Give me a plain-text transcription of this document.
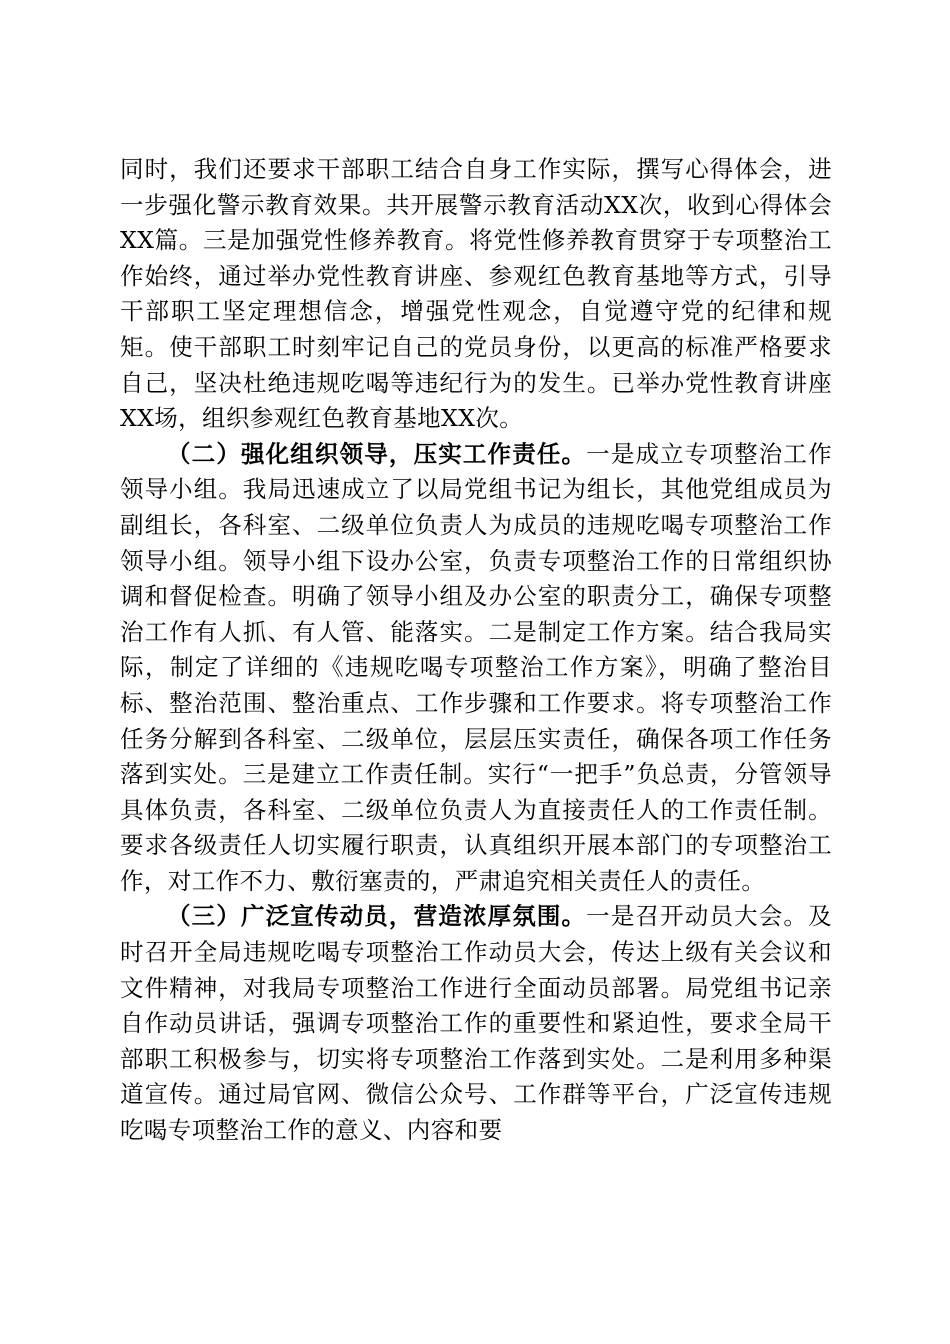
同时，我们还要求干部职工结合自身工作实际，撰写心得体会，进一步强化警示教育效果。共开展警示教育活动XX次，收到心得体会XX篇。三是加强党性修养教育。将党性修养教育贯穿于专项整治工作始终，通过举办党性教育讲座、参观红色教育基地等方式，引导干部职工坚定理想信念，增强党性观念，自觉遵守党的纪律和规矩。使干部职工时刻牢记自己的党员身份，以更高的标准严格要求自己，坚决杜绝违规吃喝等违纪行为的发生。已举办党性教育讲座XX场，组织参观红色教育基地XX次。

（二）强化组织领导，压实工作责任。一是成立专项整治工作领导小组。我局迅速成立了以局党组书记为组长，其他党组成员为副组长，各科室、二级单位负责人为成员的违规吃喝专项整治工作领导小组。领导小组下设办公室，负责专项整治工作的日常组织协调和督促检查。明确了领导小组及办公室的职责分工，确保专项整治工作有人抓、有人管、能落实。二是制定工作方案。结合我局实际，制定了详细的《违规吃喝专项整治工作方案》，明确了整治目标、整治范围、整治重点、工作步骤和工作要求。将专项整治工作任务分解到各科室、二级单位，层层压实责任，确保各项工作任务落到实处。三是建立工作责任制。实行“一把手”负总责，分管领导具体负责，各科室、二级单位负责人为直接责任人的工作责任制。要求各级责任人切实履行职责，认真组织开展本部门的专项整治工作，对工作不力、敷衍塞责的，严肃追究相关责任人的责任。

（三）广泛宣传动员，营造浓厚氛围。一是召开动员大会。及时召开全局违规吃喝专项整治工作动员大会，传达上级有关会议和文件精神，对我局专项整治工作进行全面动员部署。局党组书记亲自作动员讲话，强调专项整治工作的重要性和紧迫性，要求全局干部职工积极参与，切实将专项整治工作落到实处。二是利用多种渠道宣传。通过局官网、微信公众号、工作群等平台，广泛宣传违规吃喝专项整治工作的意义、内容和要
